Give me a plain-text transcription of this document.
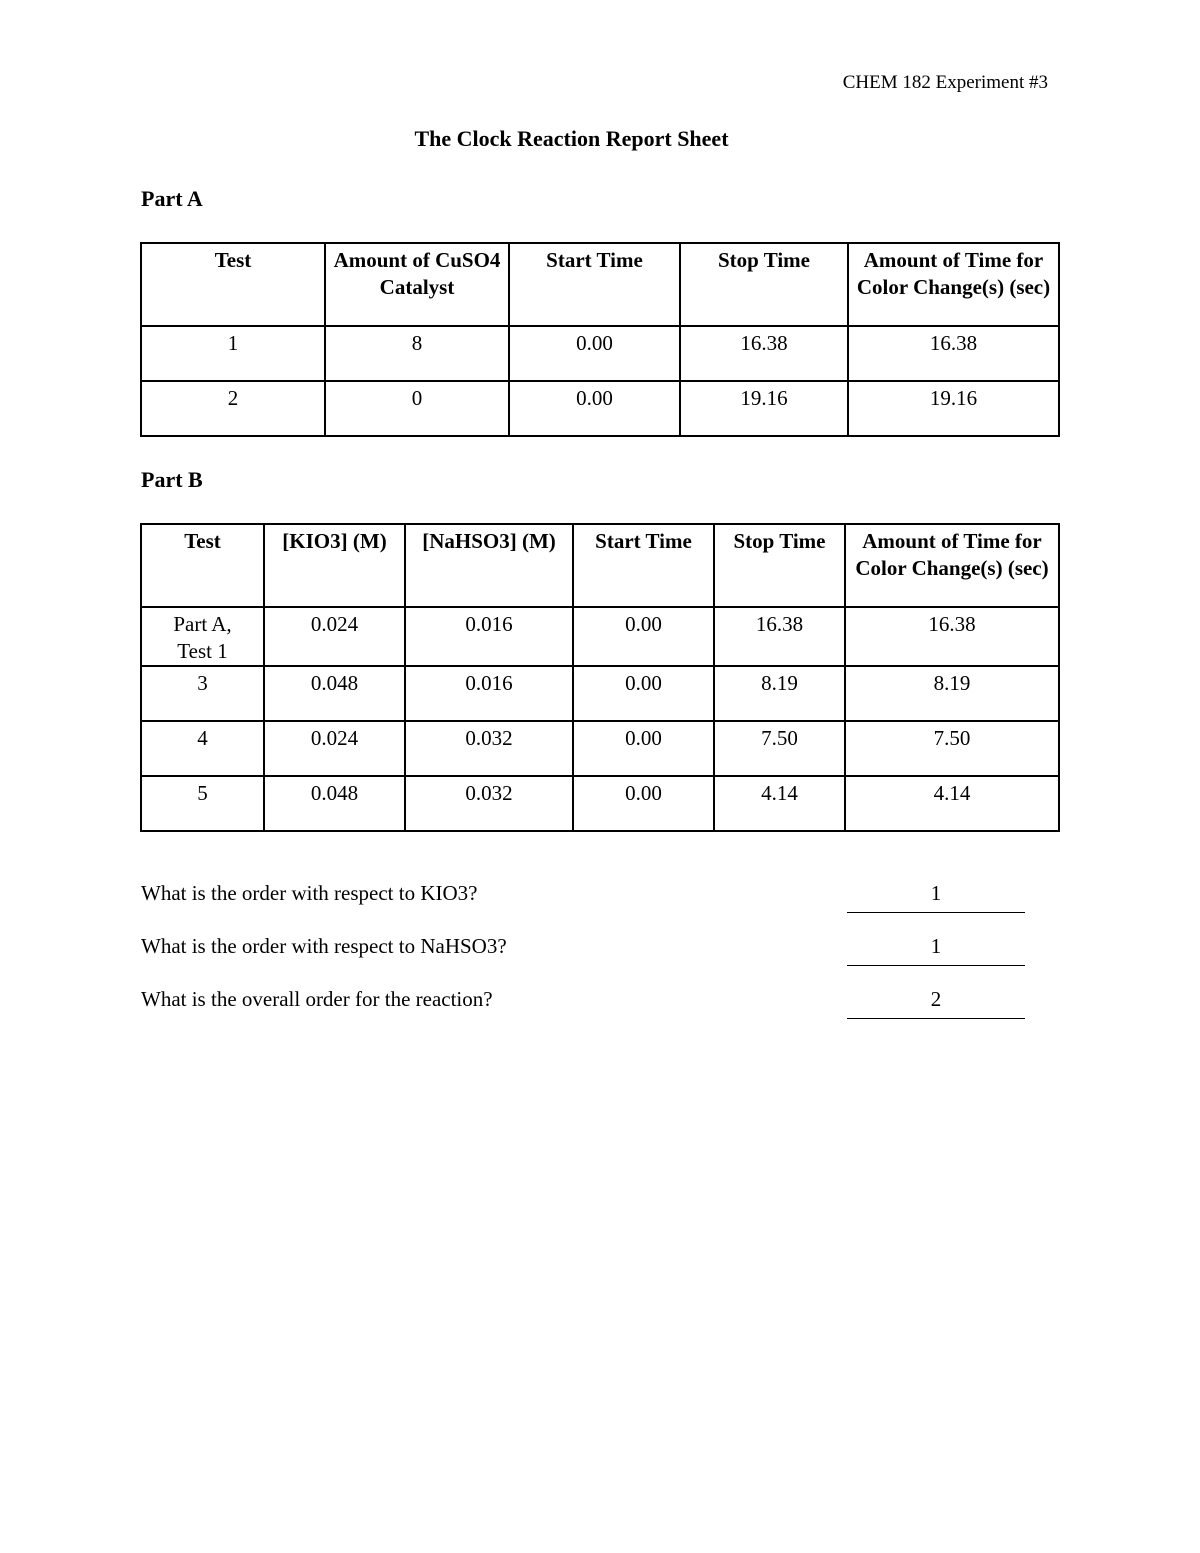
CHEM 182 Experiment #3
The Clock Reaction Report Sheet
Part A
Test	Amount of CuSO4 Catalyst	Start Time	Stop Time	Amount of Time for Color Change(s) (sec)
1	8	0.00	16.38	16.38
2	0	0.00	19.16	19.16
Part B
Test	[KIO3] (M)	[NaHSO3] (M)	Start Time	Stop Time	Amount of Time for Color Change(s) (sec)
Part A, Test 1	0.024	0.016	0.00	16.38	16.38
3	0.048	0.016	0.00	8.19	8.19
4	0.024	0.032	0.00	7.50	7.50
5	0.048	0.032	0.00	4.14	4.14
What is the order with respect to KIO3?	1
What is the order with respect to NaHSO3?	1
What is the overall order for the reaction?	2
